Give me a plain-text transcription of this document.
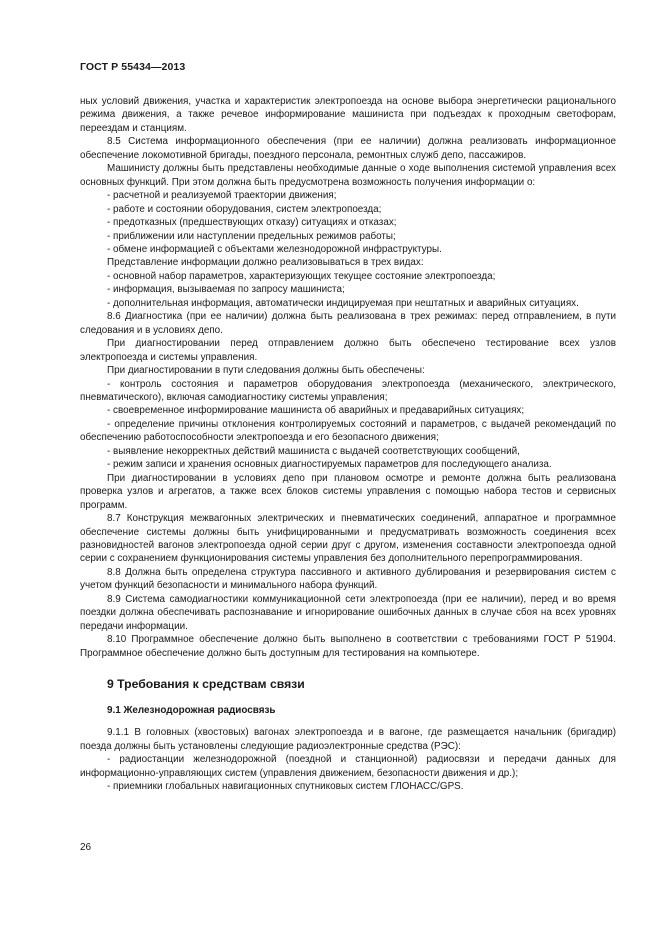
ГОСТ Р 55434—2013

ных условий движения, участка и характеристик электропоезда на основе выбора энергетически рационального режима движения, а также речевое информирование машиниста при подъездах к проходным светофорам, переездам и станциям.

8.5 Система информационного обеспечения (при ее наличии) должна реализовать информационное обеспечение локомотивной бригады, поездного персонала, ремонтных служб депо, пассажиров.

Машинисту должны быть представлены необходимые данные о ходе выполнения системой управления всех основных функций. При этом должна быть предусмотрена возможность получения информации о:

- расчетной и реализуемой траектории движения;

- работе и состоянии оборудования, систем электропоезда;

- предотказных (предшествующих отказу) ситуациях и отказах;

- приближении или наступлении предельных режимов работы;

- обмене информацией с объектами железнодорожной инфраструктуры.

Представление информации должно реализовываться в трех видах:

- основной набор параметров, характеризующих текущее состояние электропоезда;

- информация, вызываемая по запросу машиниста;

- дополнительная информация, автоматически индицируемая при нештатных и аварийных ситуациях.

8.6 Диагностика (при ее наличии) должна быть реализована в трех режимах: перед отправлением, в пути следования и в условиях депо.

При диагностировании перед отправлением должно быть обеспечено тестирование всех узлов электропоезда и системы управления.

При диагностировании в пути следования должны быть обеспечены:

- контроль состояния и параметров оборудования электропоезда (механического, электрического, пневматического), включая самодиагностику системы управления;

- своевременное информирование машиниста об аварийных и предаварийных ситуациях;

- определение причины отклонения контролируемых состояний и параметров, с выдачей рекомендаций по обеспечению работоспособности электропоезда и его безопасного движения;

- выявление некорректных действий машиниста с выдачей соответствующих сообщений,

- режим записи и хранения основных диагностируемых параметров для последующего анализа.

При диагностировании в условиях депо при плановом осмотре и ремонте должна быть реализована проверка узлов и агрегатов, а также всех блоков системы управления с помощью набора тестов и сервисных программ.

8.7 Конструкция межвагонных электрических и пневматических соединений, аппаратное и программное обеспечение системы должны быть унифицированными и предусматривать возможность соединения всех разновидностей вагонов электропоезда одной серии друг с другом, изменения составности электропоезда одной серии с сохранением функционирования системы управления без дополнительного перепрограммирования.

8.8 Должна быть определена структура пассивного и активного дублирования и резервирования систем с учетом функций безопасности и минимального набора функций.

8.9 Система самодиагностики коммуникационной сети электропоезда (при ее наличии), перед и во время поездки должна обеспечивать распознавание и игнорирование ошибочных данных в случае сбоя на всех уровнях передачи информации.

8.10 Программное обеспечение должно быть выполнено в соответствии с требованиями ГОСТ Р 51904. Программное обеспечение должно быть доступным для тестирования на компьютере.

9 Требования к средствам связи
9.1 Железнодорожная радиосвязь

9.1.1 В головных (хвостовых) вагонах электропоезда и в вагоне, где размещается начальник (бригадир) поезда должны быть установлены следующие радиоэлектронные средства (РЭС):

- радиостанции железнодорожной (поездной и станционной) радиосвязи и передачи данных для информационно-управляющих систем (управления движением, безопасности движения и др.);

- приемники глобальных навигационных спутниковых систем ГЛОНАСС/GPS.

26
